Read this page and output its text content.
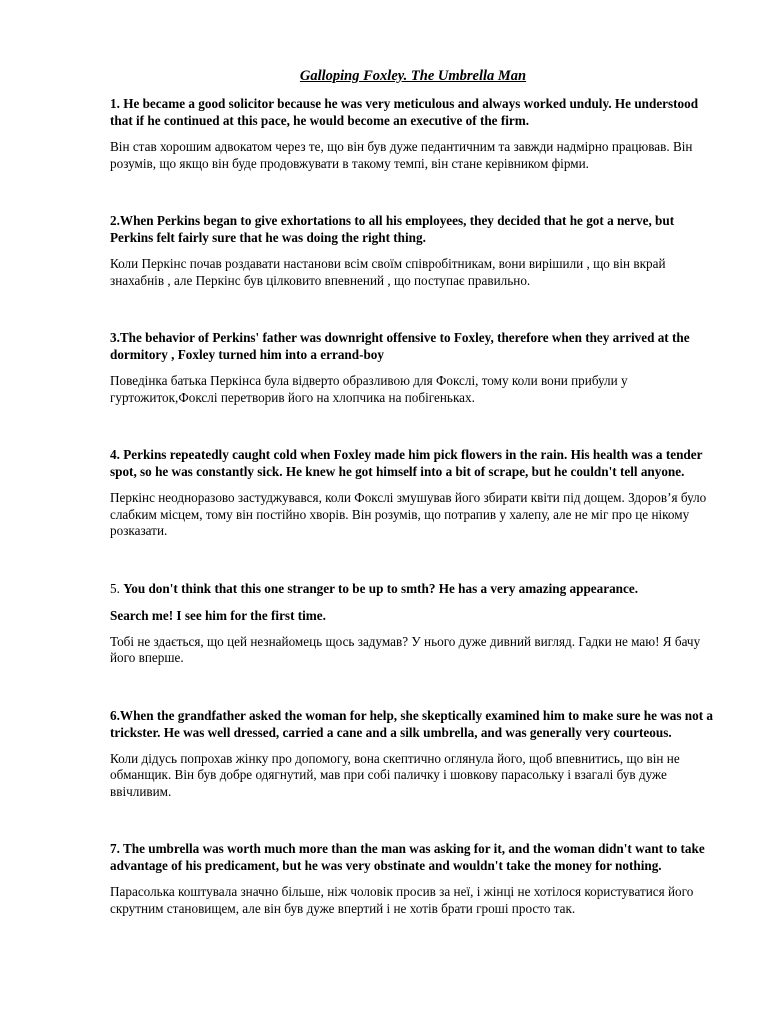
Galloping Foxley. The Umbrella Man

1. He became a good solicitor because he was very meticulous and always worked unduly. He understood that if he continued at this pace, he would become an executive of the firm.

Він став хорошим адвокатом через те, що він був дуже педантичним та завжди надмірно працював. Він розумів, що якщо він буде продовжувати в такому темпі, він стане керівником фірми.

2.When Perkins began to give exhortations to all his employees, they decided that he got a nerve, but Perkins felt fairly sure that he was doing the right thing.

Коли Перкінс почав роздавати настанови всім своїм співробітникам, вони вирішили , що він вкрай знахабнів , але Перкінс був цілковито впевнений , що поступає правильно.

3.The behavior of Perkins' father was downright offensive to Foxley, therefore when they arrived at the dormitory , Foxley turned him into a errand-boy

Поведінка батька Перкінса була відверто образливою для Фокслі, тому коли вони прибули у гуртожиток,Фокслі перетворив його на хлопчика на побігеньках.

4. Perkins repeatedly caught cold when Foxley made him pick flowers in the rain. His health was a tender spot, so he was constantly sick. He knew he got himself into a bit of scrape, but he couldn't tell anyone.

Перкінс неодноразово застуджувався, коли Фокслі змушував його збирати квіти під дощем. Здоров’я було слабким місцем, тому він постійно хворів. Він розумів, що потрапив у халепу, але не міг про це нікому розказати.

5. You don't think that this one stranger to be up to smth? He has a very amazing appearance.

Search me! I see him for the first time.

Тобі не здається, що цей незнайомець щось задумав? У нього дуже дивний вигляд. Гадки не маю! Я бачу його вперше.

6.When the grandfather asked the woman for help, she skeptically examined him to make sure he was not a trickster. He was well dressed, carried a cane and a silk umbrella, and was generally very courteous.

Коли дідусь попрохав жінку про допомогу, вона скептично оглянула його, щоб впевнитись, що він не обманщик. Він був добре одягнутий, мав при собі паличку і шовкову парасольку і взагалі був дуже ввічливим.

7. The umbrella was worth much more than the man was asking for it, and the woman didn't want to take advantage of his predicament, but he was very obstinate and wouldn't take the money for nothing.

Парасолька коштувала значно більше, ніж чоловік просив за неї, і жінці не хотілося користуватися його скрутним становищем, але він був дуже впертий і не хотів брати гроші просто так.
